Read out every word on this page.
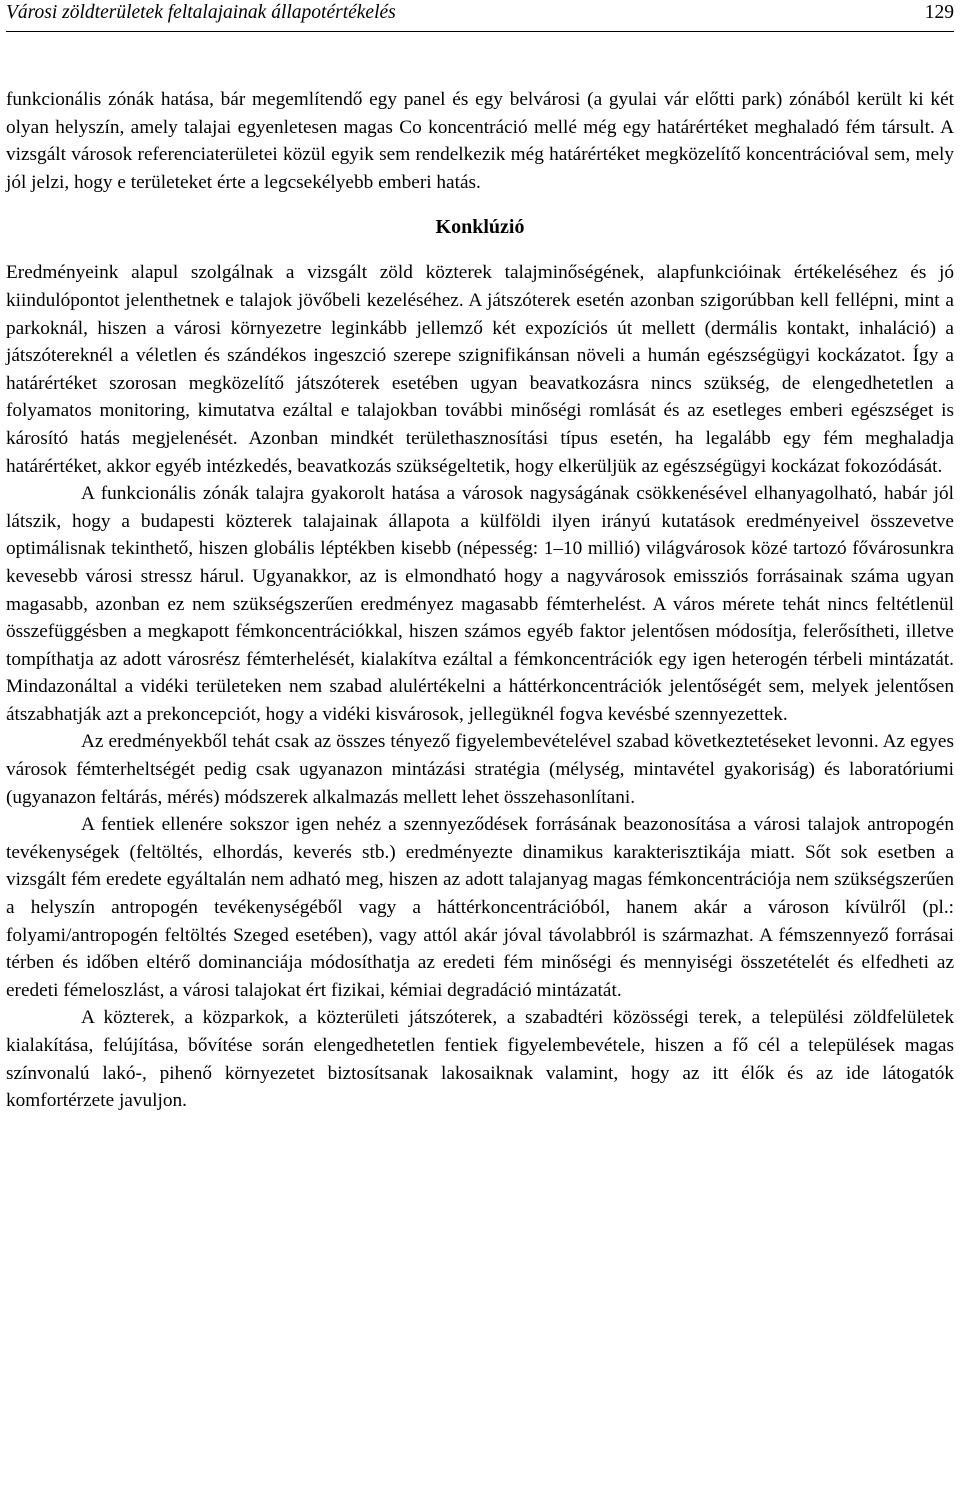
Városi zöldterületek feltalajainak állapotértékelés	129

funkcionális zónák hatása, bár megemlítendő egy panel és egy belvárosi (a gyulai vár előtti park) zónából került ki két olyan helyszín, amely talajai egyenletesen magas Co koncentráció mellé még egy határértéket meghaladó fém társult. A vizsgált városok referenciaterületei közül egyik sem rendelkezik még határértéket megközelítő koncentrációval sem, mely jól jelzi, hogy e területeket érte a legcsekélyebb emberi hatás.

Konklúzió

Eredményeink alapul szolgálnak a vizsgált zöld közterek talajminőségének, alapfunkcióinak értékeléséhez és jó kiindulópontot jelenthetnek e talajok jövőbeli kezeléséhez. A játszóterek esetén azonban szigorúbban kell fellépni, mint a parkoknál, hiszen a városi környezetre leginkább jellemző két expozíciós út mellett (dermális kontakt, inhaláció) a játszótereknél a véletlen és szándékos ingeszció szerepe szignifikánsan növeli a humán egészségügyi kockázatot. Így a határértéket szorosan megközelítő játszóterek esetében ugyan beavatkozásra nincs szükség, de elengedhetetlen a folyamatos monitoring, kimutatva ezáltal e talajokban további minőségi romlását és az esetleges emberi egészséget is károsító hatás megjelenését. Azonban mindkét területhasznosítási típus esetén, ha legalább egy fém meghaladja határértéket, akkor egyéb intézkedés, beavatkozás szükségeltetik, hogy elkerüljük az egészségügyi kockázat fokozódását.

A funkcionális zónák talajra gyakorolt hatása a városok nagyságának csökkenésével elhanyagolható, habár jól látszik, hogy a budapesti közterek talajainak állapota a külföldi ilyen irányú kutatások eredményeivel összevetve optimálisnak tekinthető, hiszen globális léptékben kisebb (népesség: 1–10 millió) világvárosok közé tartozó fővárosunkra kevesebb városi stressz hárul. Ugyanakkor, az is elmondható hogy a nagyvárosok emissziós forrásainak száma ugyan magasabb, azonban ez nem szükségszerűen eredményez magasabb fémterhelést. A város mérete tehát nincs feltétlenül összefüggésben a megkapott fémkoncentrációkkal, hiszen számos egyéb faktor jelentősen módosítja, felerősítheti, illetve tompíthatja az adott városrész fémterhelését, kialakítva ezáltal a fémkoncentrációk egy igen heterogén térbeli mintázatát. Mindazonáltal a vidéki területeken nem szabad alulértékelni a háttérkoncentrációk jelentőségét sem, melyek jelentősen átszabhatják azt a prekoncepciót, hogy a vidéki kisvárosok, jellegüknél fogva kevésbé szennyezettek.

Az eredményekből tehát csak az összes tényező figyelembevételével szabad következtetéseket levonni. Az egyes városok fémterheltségét pedig csak ugyanazon mintázási stratégia (mélység, mintavétel gyakoriság) és laboratóriumi (ugyanazon feltárás, mérés) módszerek alkalmazás mellett lehet összehasonlítani.

A fentiek ellenére sokszor igen nehéz a szennyeződések forrásának beazonosítása a városi talajok antropogén tevékenységek (feltöltés, elhordás, keverés stb.) eredményezte dinamikus karakterisztikája miatt. Sőt sok esetben a vizsgált fém eredete egyáltalán nem adható meg, hiszen az adott talajanyag magas fémkoncentrációja nem szükségszerűen a helyszín antropogén tevékenységéből vagy a háttérkoncentrációból, hanem akár a városon kívülről (pl.: folyami/antropogén feltöltés Szeged esetében), vagy attól akár jóval távolabbról is származhat. A fémszennyező forrásai térben és időben eltérő dominanciája módosíthatja az eredeti fém minőségi és mennyiségi összetételét és elfedheti az eredeti fémeloszlást, a városi talajokat ért fizikai, kémiai degradáció mintázatát.

A közterek, a közparkok, a közterületi játszóterek, a szabadtéri közösségi terek, a települési zöldfelületek kialakítása, felújítása, bővítése során elengedhetetlen fentiek figyelembevétele, hiszen a fő cél a települések magas színvonalú lakó-, pihenő környezetet biztosítsanak lakosaiknak valamint, hogy az itt élők és az ide látogatók komfortérzete javuljon.
